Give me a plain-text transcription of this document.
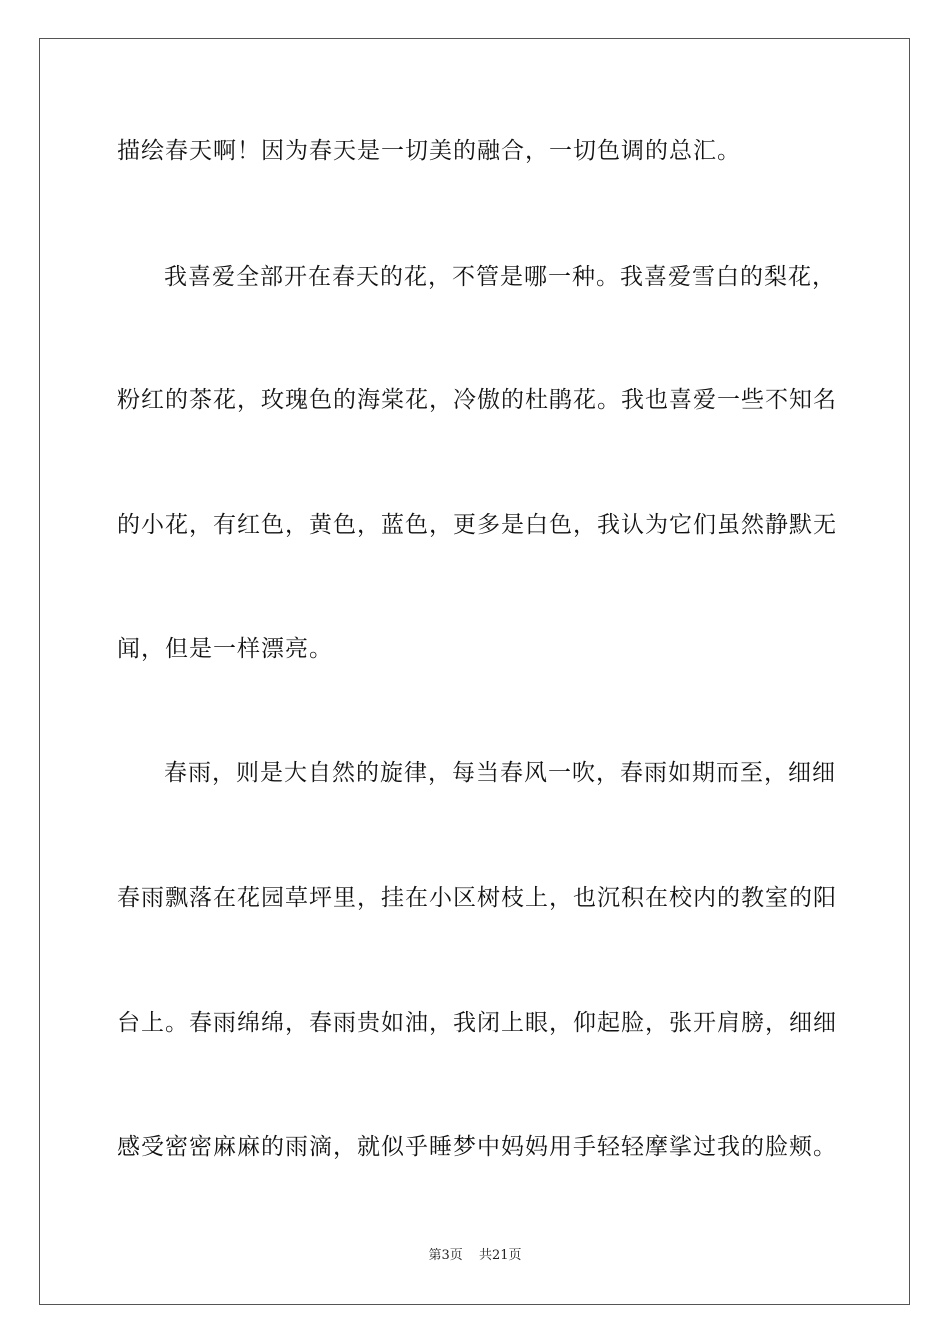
描绘春天啊！因为春天是一切美的融合，一切色调的总汇。
我喜爱全部开在春天的花，不管是哪一种。我喜爱雪白的梨花，
粉红的茶花，玫瑰色的海棠花，冷傲的杜鹃花。我也喜爱一些不知名
的小花，有红色，黄色，蓝色，更多是白色，我认为它们虽然静默无
闻，但是一样漂亮。
春雨，则是大自然的旋律，每当春风一吹，春雨如期而至，细细
春雨飘落在花园草坪里，挂在小区树枝上，也沉积在校内的教室的阳
台上。春雨绵绵，春雨贵如油，我闭上眼，仰起脸，张开肩膀，细细
感受密密麻麻的雨滴，就似乎睡梦中妈妈用手轻轻摩挲过我的脸颊。
第3页 共21页
